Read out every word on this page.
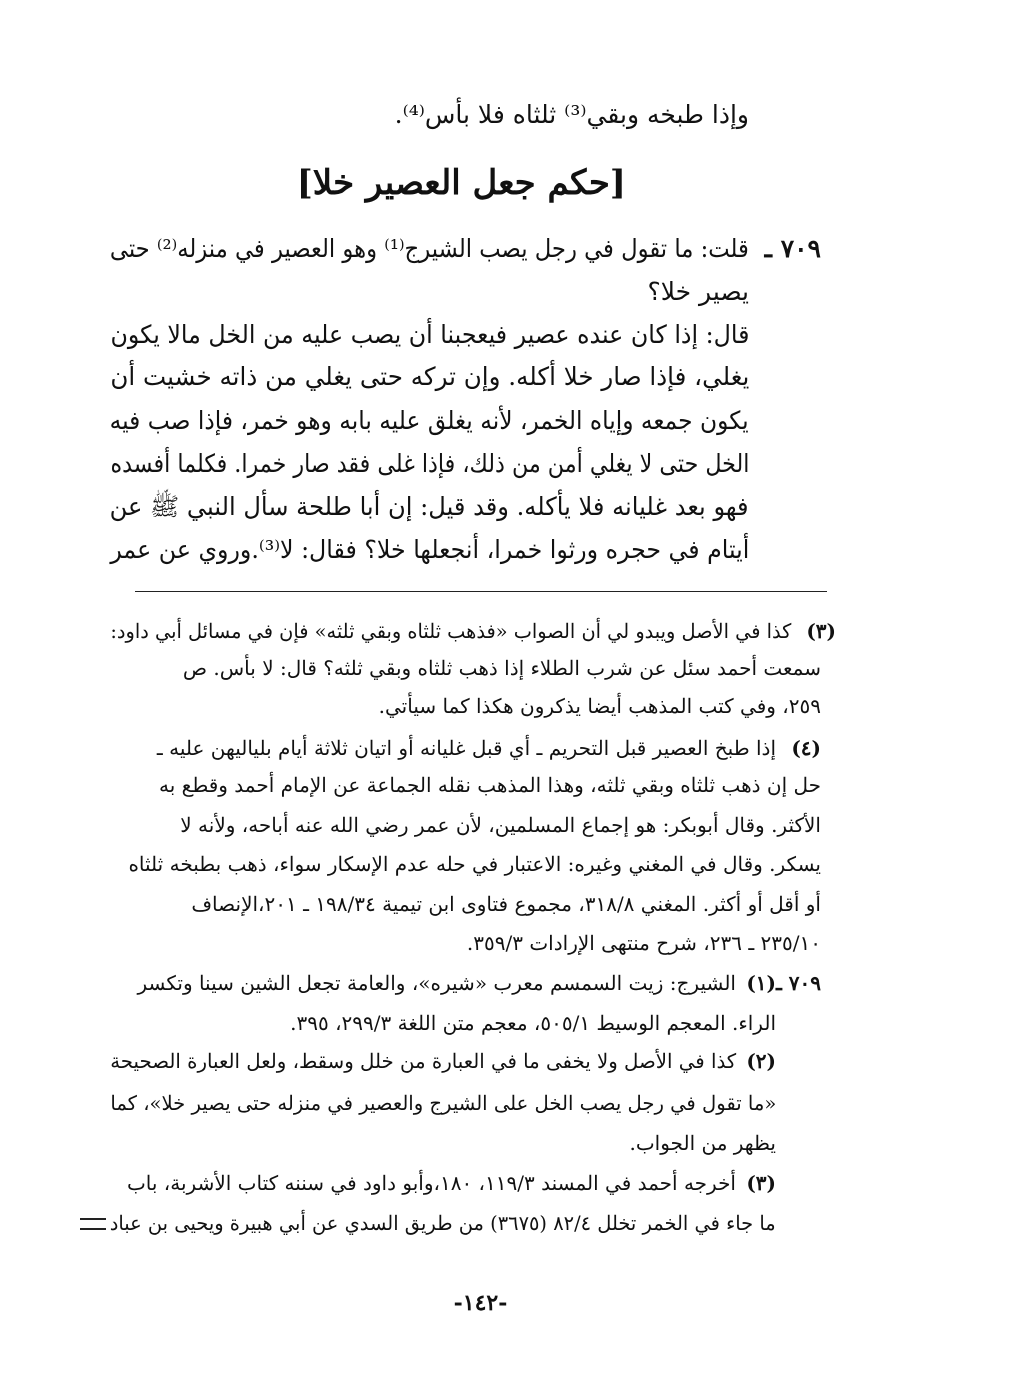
وإذا طبخه وبقي⁽³⁾ ثلثاه فلا بأس⁽⁴⁾.
[حكم جعل العصير خلا]
٧٠٩ ـ
قلت: ما تقول في رجل يصب الشيرج⁽¹⁾ وهو العصير في منزله⁽²⁾ حتى
يصير خلا؟
قال: إذا كان عنده عصير فيعجبنا أن يصب عليه من الخل مالا يكون
يغلي، فإذا صار خلا أكله. وإن تركه حتى يغلي من ذاته خشيت أن
يكون جمعه وإياه الخمر، لأنه يغلق عليه بابه وهو خمر، فإذا صب فيه
الخل حتى لا يغلي أمن من ذلك، فإذا غلى فقد صار خمرا. فكلما أفسده
فهو بعد غليانه فلا يأكله. وقد قيل: إن أبا طلحة سأل النبي ﷺ عن
أيتام في حجره ورثوا خمرا، أنجعلها خلا؟ فقال: لا⁽³⁾.وروي عن عمر
(٣)
كذا في الأصل ويبدو لي أن الصواب «فذهب ثلثاه وبقي ثلثه» فإن في مسائل أبي داود:
سمعت أحمد سئل عن شرب الطلاء إذا ذهب ثلثاه وبقي ثلثه؟ قال: لا بأس. ص
٢٥٩، وفي كتب المذهب أيضا يذكرون هكذا كما سيأتي.
(٤)
إذا طبخ العصير قبل التحريم ـ أي قبل غليانه أو اتيان ثلاثة أيام بلياليهن عليه ـ
حل إن ذهب ثلثاه وبقي ثلثه، وهذا المذهب نقله الجماعة عن الإمام أحمد وقطع به
الأكثر. وقال أبوبكر: هو إجماع المسلمين، لأن عمر رضي الله عنه أباحه، ولأنه لا
يسكر. وقال في المغني وغيره: الاعتبار في حله عدم الإسكار سواء، ذهب بطبخه ثلثاه
أو أقل أو أكثر. المغني ٣١٨/٨، مجموع فتاوى ابن تيمية ١٩٨/٣٤ ـ ٢٠١،الإنصاف
٢٣٥/١٠ ـ ٢٣٦، شرح منتهى الإرادات ٣٥٩/٣.
٧٠٩ ـ
(١)
الشيرج: زيت السمسم معرب «شيره»، والعامة تجعل الشين سينا وتكسر
الراء. المعجم الوسيط ٥٠٥/١، معجم متن اللغة ٢٩٩/٣، ٣٩٥.
(٢)
كذا في الأصل ولا يخفى ما في العبارة من خلل وسقط، ولعل العبارة الصحيحة
«ما تقول في رجل يصب الخل على الشيرج والعصير في منزله حتى يصير خلا»، كما
يظهر من الجواب.
(٣)
أخرجه أحمد في المسند ١١٩/٣، ١٨٠،وأبو داود في سننه كتاب الأشربة، باب
ما جاء في الخمر تخلل ٨٢/٤ (٣٦٧٥) من طريق السدي عن أبي هبيرة ويحيى بن عباد
-١٤٢-
